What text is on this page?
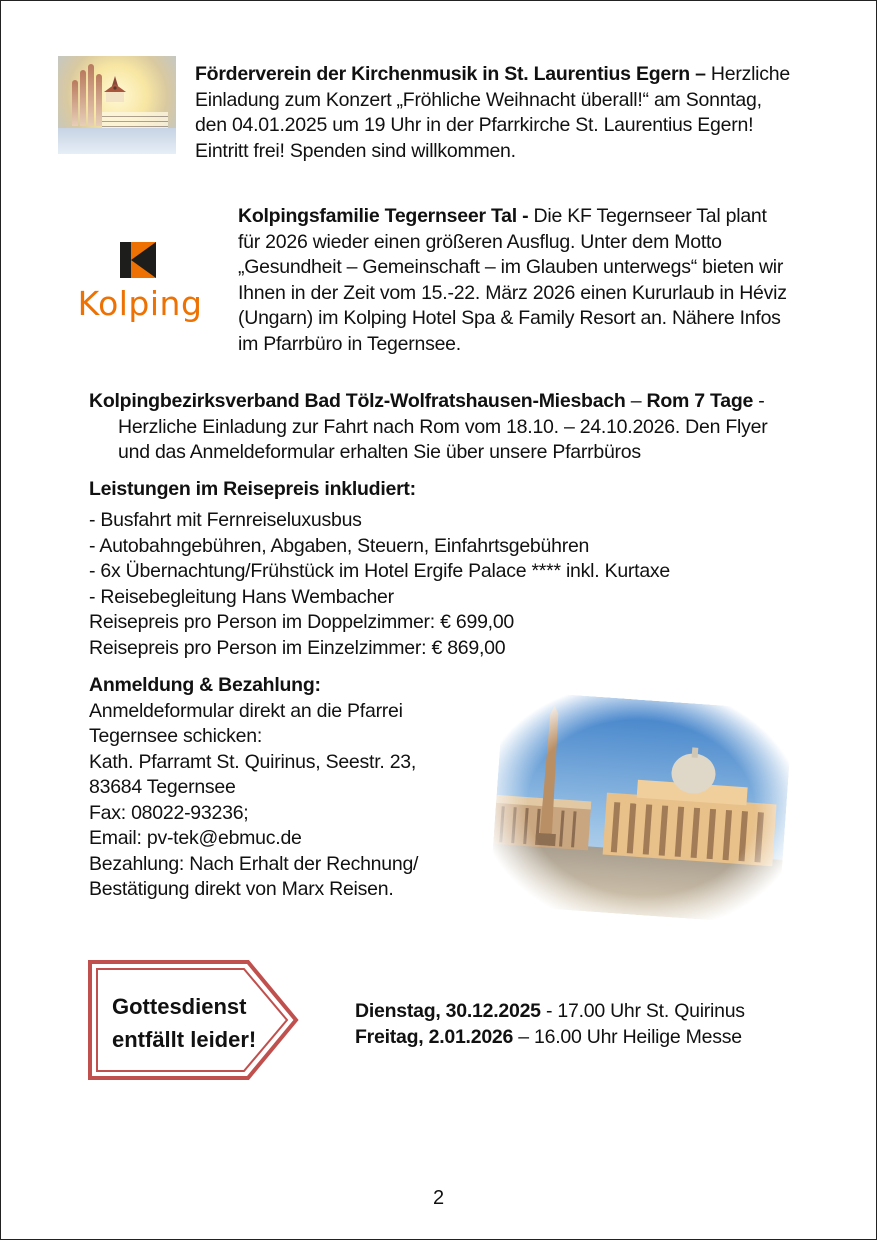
Förderverein der Kirchenmusik in St. Laurentius Egern – Herzliche
Einladung zum Konzert „Fröhliche Weihnacht überall!“ am Sonntag,
den 04.01.2025 um 19 Uhr in der Pfarrkirche St. Laurentius Egern!
Eintritt frei! Spenden sind willkommen.
Kolping
Kolpingsfamilie Tegernseer Tal - Die KF Tegernseer Tal plant
für 2026 wieder einen größeren Ausflug. Unter dem Motto
„Gesundheit – Gemeinschaft – im Glauben unterwegs“ bieten wir
Ihnen in der Zeit vom 15.-22. März 2026 einen Kururlaub in Héviz
(Ungarn) im Kolping Hotel Spa & Family Resort an. Nähere Infos
im Pfarrbüro in Tegernsee.
Kolpingbezirksverband Bad Tölz-Wolfratshausen-Miesbach – Rom 7 Tage -
Herzliche Einladung zur Fahrt nach Rom vom 18.10. – 24.10.2026. Den Flyer
und das Anmeldeformular erhalten Sie über unsere Pfarrbüros
Leistungen im Reisepreis inkludiert:
- Busfahrt mit Fernreiseluxusbus
- Autobahngebühren, Abgaben, Steuern, Einfahrtsgebühren
- 6x Übernachtung/Frühstück im Hotel Ergife Palace **** inkl. Kurtaxe
- Reisebegleitung Hans Wembacher
Reisepreis pro Person im Doppelzimmer: € 699,00
Reisepreis pro Person im Einzelzimmer: € 869,00
Anmeldung & Bezahlung:
Anmeldeformular direkt an die Pfarrei
Tegernsee schicken:
Kath. Pfarramt St. Quirinus, Seestr. 23,
83684 Tegernsee
Fax: 08022-93236;
Email: pv-tek@ebmuc.de
Bezahlung: Nach Erhalt der Rechnung/
Bestätigung direkt von Marx Reisen.
Gottesdienst
entfällt leider!
Dienstag, 30.12.2025 - 17.00 Uhr St. Quirinus
Freitag, 2.01.2026 – 16.00 Uhr Heilige Messe
2
